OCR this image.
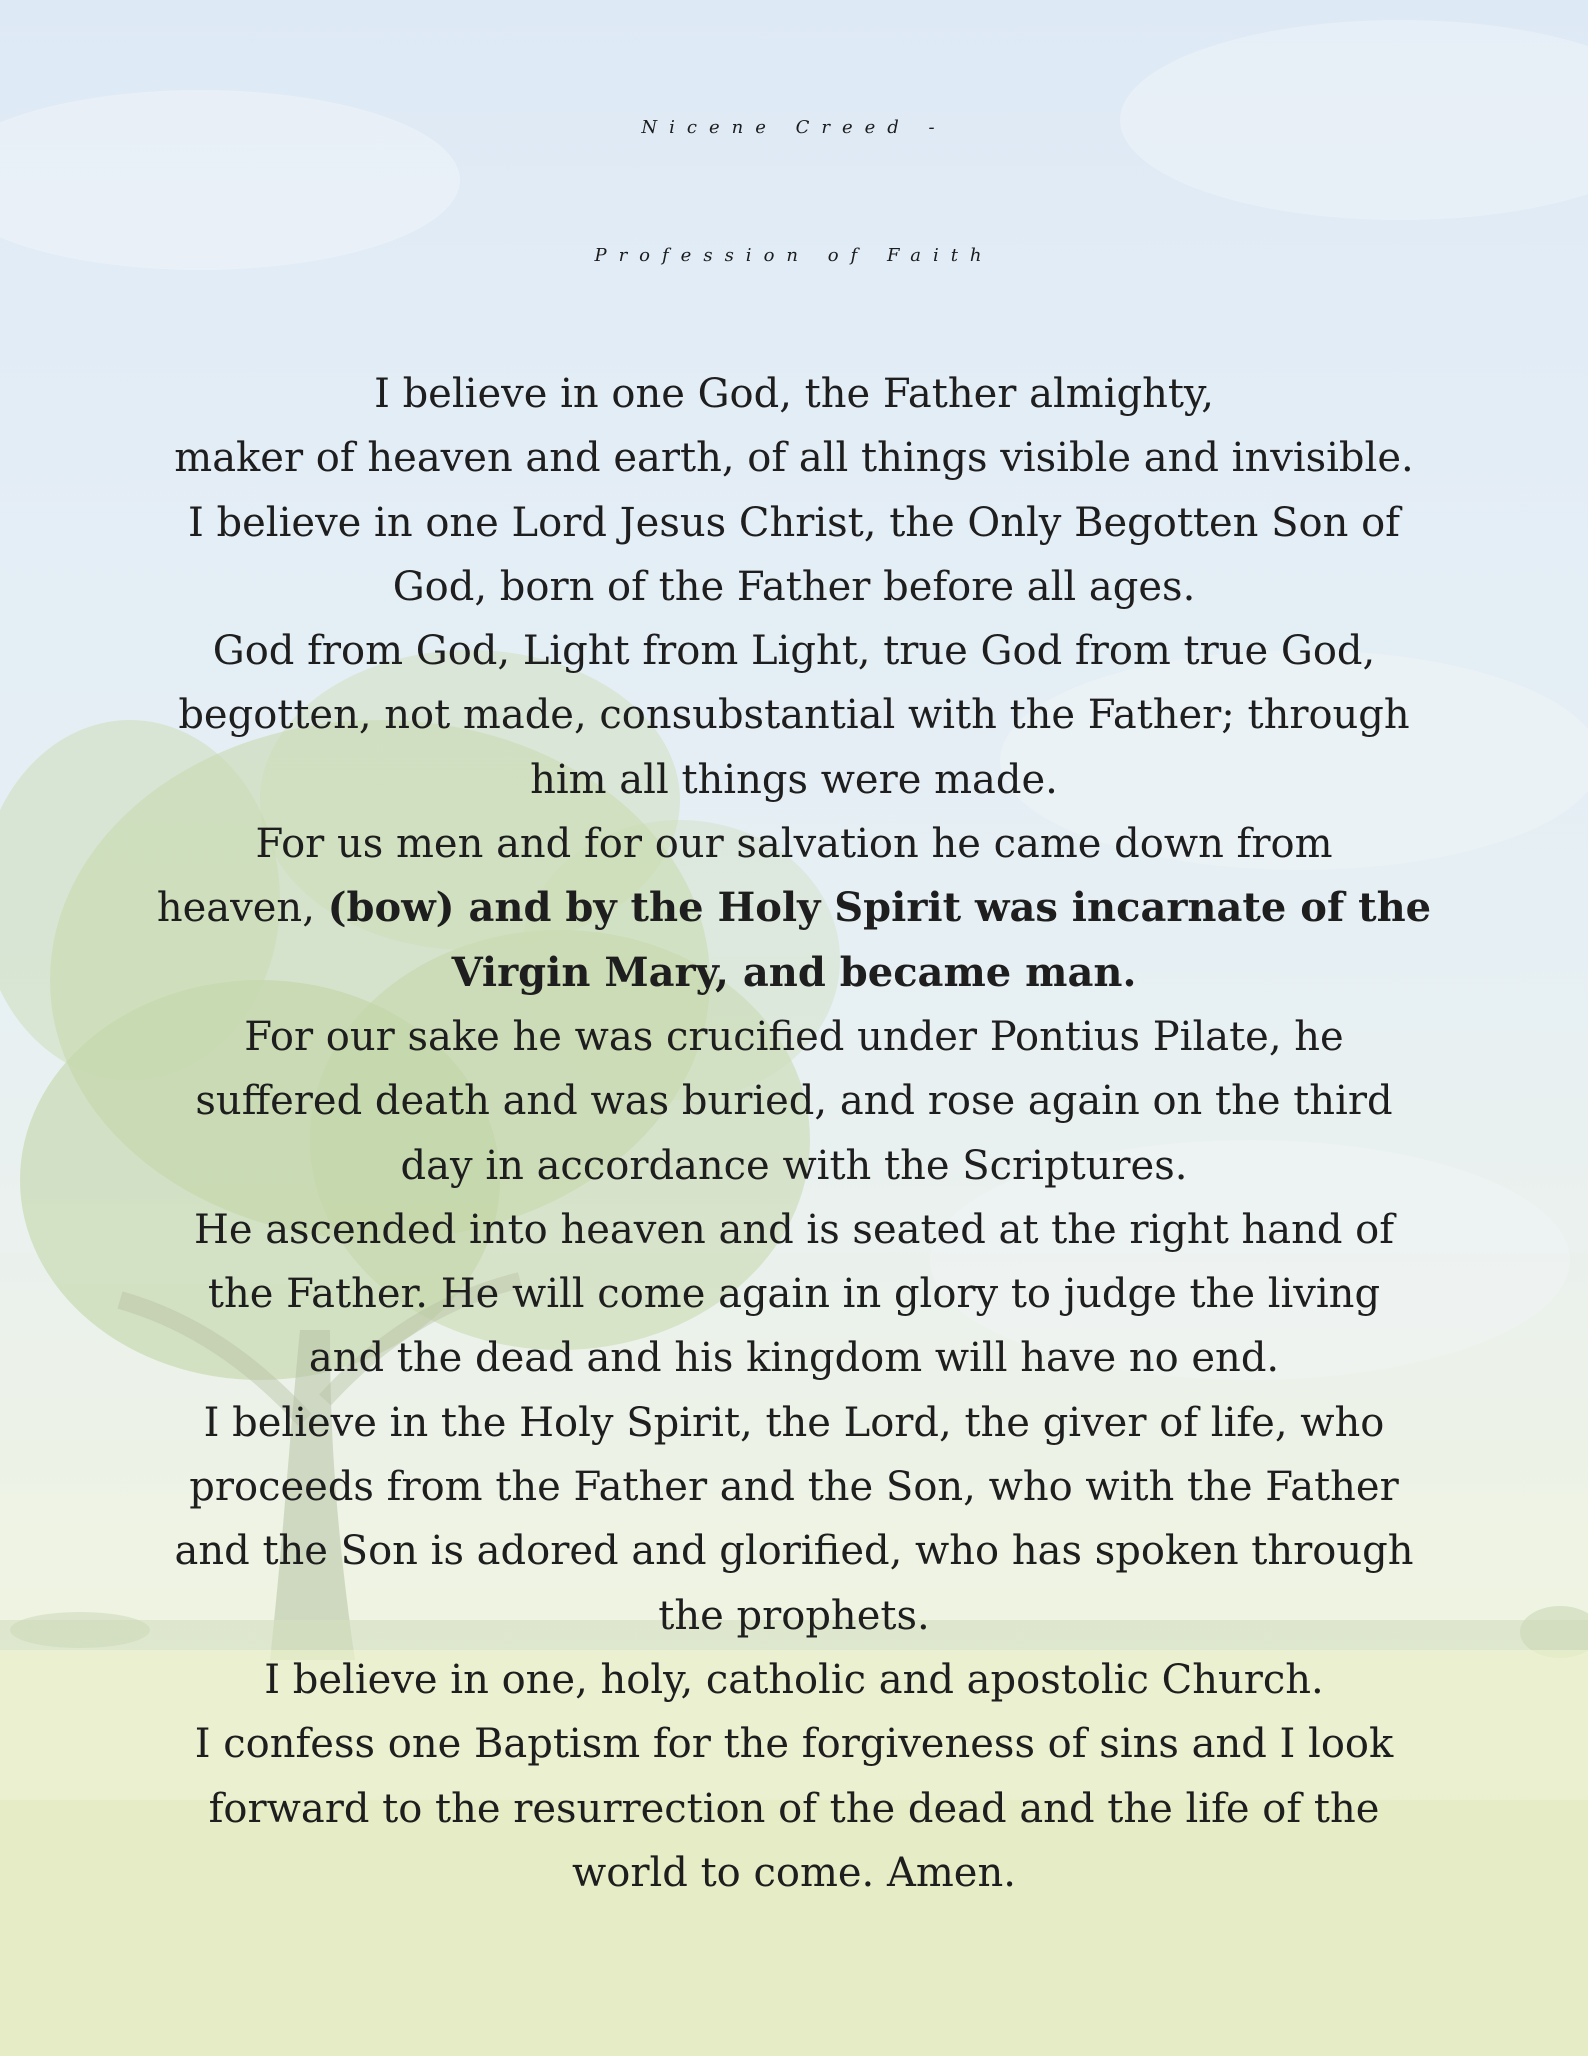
Nicene Creed -
Profession of Faith
I believe in one God, the Father almighty,
maker of heaven and earth, of all things visible and invisible.
I believe in one Lord Jesus Christ, the Only Begotten Son of
God, born of the Father before all ages.
God from God, Light from Light, true God from true God,
begotten, not made, consubstantial with the Father; through
him all things were made.
For us men and for our salvation he came down from
heaven, (bow) and by the Holy Spirit was incarnate of the
Virgin Mary, and became man.
For our sake he was crucified under Pontius Pilate, he
suffered death and was buried, and rose again on the third
day in accordance with the Scriptures.
He ascended into heaven and is seated at the right hand of
the Father. He will come again in glory to judge the living
and the dead and his kingdom will have no end.
I believe in the Holy Spirit, the Lord, the giver of life, who
proceeds from the Father and the Son, who with the Father
and the Son is adored and glorified, who has spoken through
the prophets.
I believe in one, holy, catholic and apostolic Church.
I confess one Baptism for the forgiveness of sins and I look
forward to the resurrection of the dead and the life of the
world to come. Amen.
